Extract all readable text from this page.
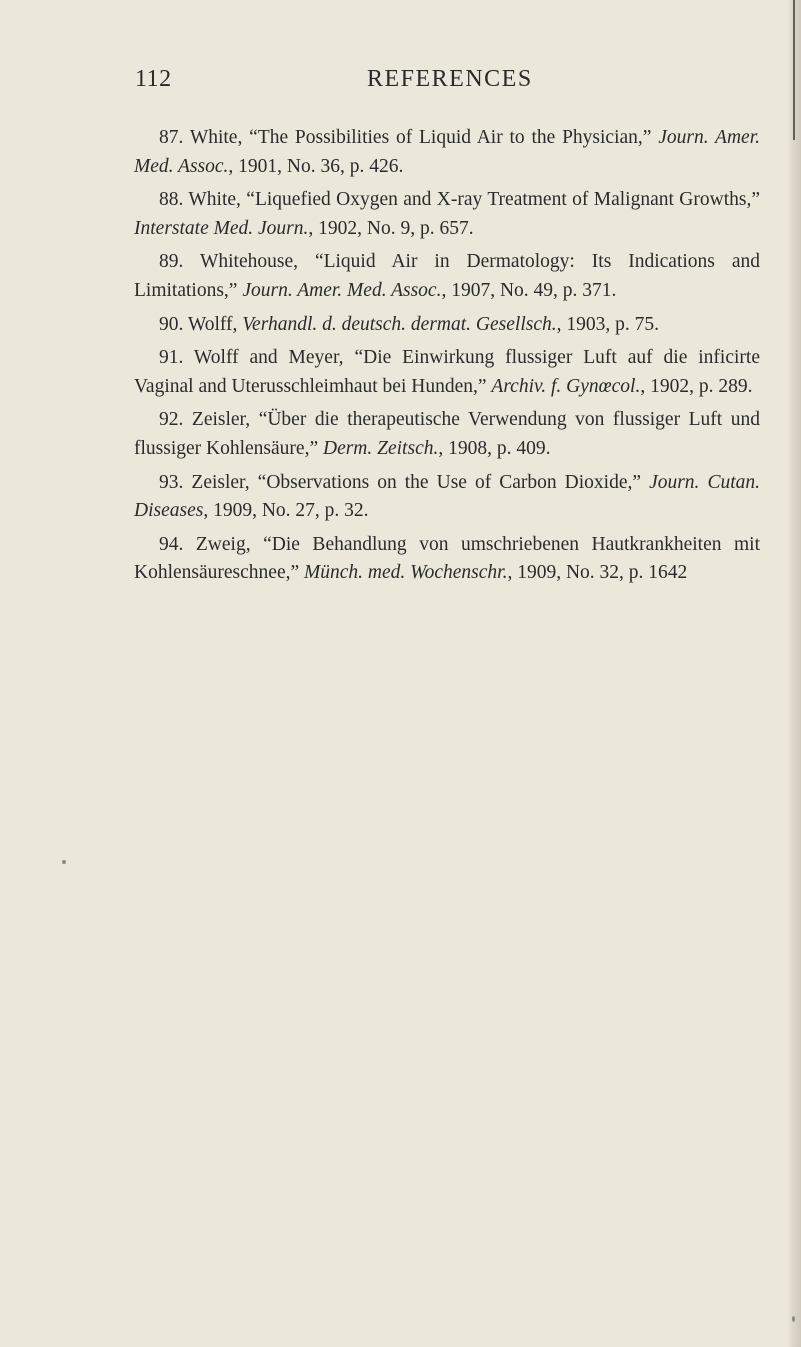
112	REFERENCES

87. White, “The Possibilities of Liquid Air to the Physician,” Journ. Amer. Med. Assoc., 1901, No. 36, p. 426.

88. White, “Liquefied Oxygen and X-ray Treatment of Malignant Growths,” Interstate Med. Journ., 1902, No. 9, p. 657.

89. Whitehouse, “Liquid Air in Dermatology: Its Indications and Limitations,” Journ. Amer. Med. Assoc., 1907, No. 49, p. 371.

90. Wolff, Verhandl. d. deutsch. dermat. Gesellsch., 1903, p. 75.

91. Wolff and Meyer, “Die Einwirkung flussiger Luft auf die inficirte Vaginal and Uterusschleimhaut bei Hunden,” Archiv. f. Gynœcol., 1902, p. 289.

92. Zeisler, “Über die therapeutische Verwendung von flussiger Luft und flussiger Kohlensäure,” Derm. Zeitsch., 1908, p. 409.

93. Zeisler, “Observations on the Use of Carbon Dioxide,” Journ. Cutan. Diseases, 1909, No. 27, p. 32.

94. Zweig, “Die Behandlung von umschriebenen Hautkrankheiten mit Kohlensäureschnee,” Münch. med. Wochenschr., 1909, No. 32, p. 1642
